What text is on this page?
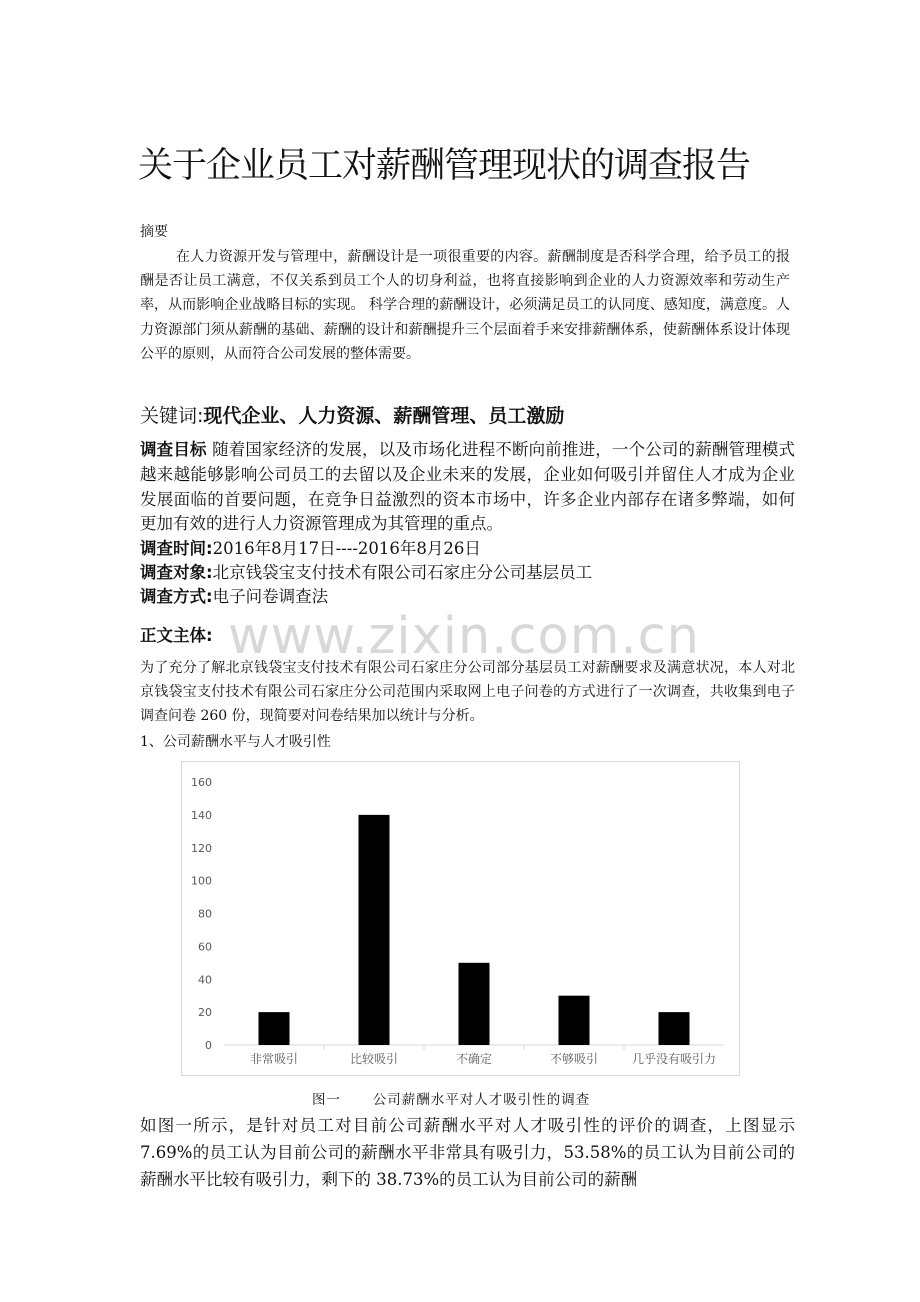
关于企业员工对薪酬管理现状的调查报告
摘要
在人力资源开发与管理中，薪酬设计是一项很重要的内容。薪酬制度是否科学合理，给予员工的报酬是否让员工满意，不仅关系到员工个人的切身利益，也将直接影响到企业的人力资源效率和劳动生产率，从而影响企业战略目标的实现。 科学合理的薪酬设计，必须满足员工的认同度、感知度，满意度。人力资源部门须从薪酬的基础、薪酬的设计和薪酬提升三个层面着手来安排薪酬体系，使薪酬体系设计体现公平的原则，从而符合公司发展的整体需要。
关键词:现代企业、人力资源、薪酬管理、员工激励
调查目标 随着国家经济的发展，以及市场化进程不断向前推进，一个公司的薪酬管理模式越来越能够影响公司员工的去留以及企业未来的发展，企业如何吸引并留住人才成为企业发展面临的首要问题，在竞争日益激烈的资本市场中，许多企业内部存在诸多弊端，如何更加有效的进行人力资源管理成为其管理的重点。
调查时间:2016年8月17日----2016年8月26日
调查对象:北京钱袋宝支付技术有限公司石家庄分公司基层员工
调查方式:电子问卷调查法
www.zixin.com.cn
正文主体:
为了充分了解北京钱袋宝支付技术有限公司石家庄分公司部分基层员工对薪酬要求及满意状况，本人对北京钱袋宝支付技术有限公司石家庄分公司范围内采取网上电子问卷的方式进行了一次调查，共收集到电子调查问卷 260 份，现简要对问卷结果加以统计与分析。
1、公司薪酬水平与人才吸引性
0
20
40
60
80
100
120
140
160
非常吸引	比较吸引	不确定	不够吸引	几乎没有吸引力
图一      公司薪酬水平对人才吸引性的调查
如图一所示，是针对员工对目前公司薪酬水平对人才吸引性的评价的调查，上图显示 7.69%的员工认为目前公司的薪酬水平非常具有吸引力，53.58%的员工认为目前公司的薪酬水平比较有吸引力，剩下的 38.73%的员工认为目前公司的薪酬
